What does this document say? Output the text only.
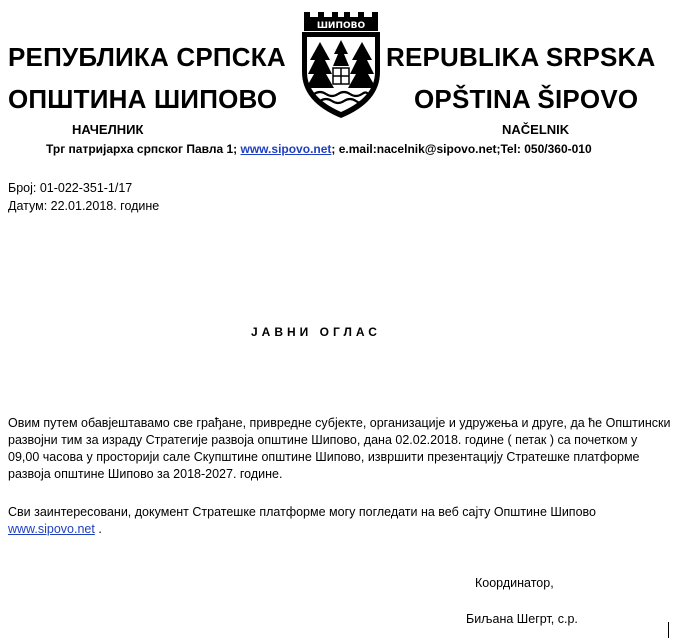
РЕПУБЛИКА СРПСКА
ОПШТИНА ШИПОВО
ШИПОВО
REPUBLIKA SRPSKA
OPŠTINA ŠIPOVO
НАЧЕЛНИК	NAČELNIK
Трг патријарха српског Павла 1; www.sipovo.net; e.mail:nacelnik@sipovo.net;Tel: 050/360-010
Број: 01-022-351-1/17
Датум: 22.01.2018. године
ЈАВНИ ОГЛАС
Овим путем обавјештавамо све грађане, привредне субјекте, организације и удружења и друге, да ће Општински развојни тим за израду Стратегије развоја општине Шипово, дана 02.02.2018. године ( петак ) са почетком у 09,00 часова у просторији сале Скупштине општине Шипово, извршити презентацију Стратешке платформе развоја општине Шипово за 2018-2027. године.
Сви заинтересовани, документ Стратешке платформе могу погледати на веб сајту Општине Шипово www.sipovo.net .
Координатор,
Биљана Шегрт, с.р.
